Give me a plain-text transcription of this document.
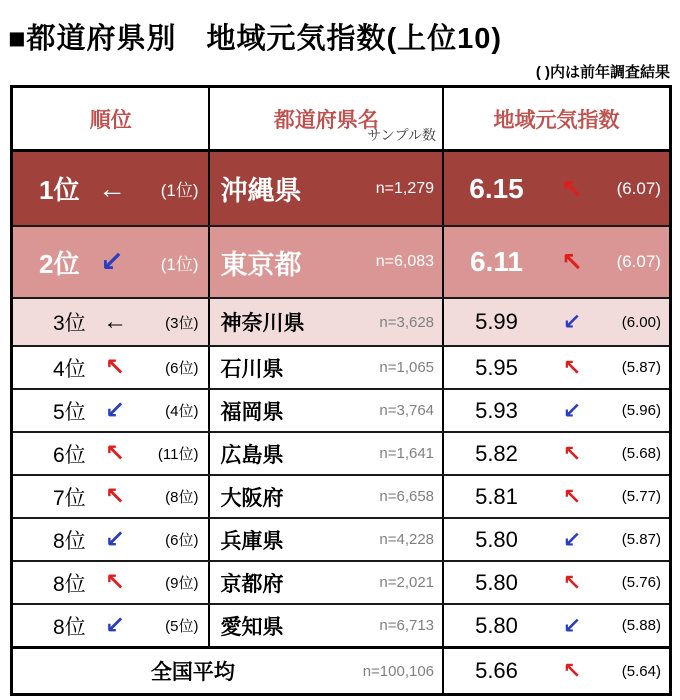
■都道府県別　地域元気指数(上位10)
( )内は前年調査結果
順位	都道府県名
サンプル数
地域元気指数
1位 ←	(1位) 沖縄県	n=1,279	6.15	↖	(6.07)
2位 ↙	(1位) 東京都	n=6,083	6.11	↖	(6.07)
3位 ←	(3位) 神奈川県	n=3,628	5.99	↙	(6.00)
4位 ↖	(6位) 石川県	n=1,065	5.95	↖	(5.87)
5位 ↙	(4位) 福岡県	n=3,764	5.93	↙	(5.96)
6位 ↖	(11位) 広島県	n=1,641	5.82	↖	(5.68)
7位 ↖	(8位) 大阪府	n=6,658	5.81	↖	(5.77)
8位 ↙	(6位) 兵庫県	n=4,228	5.80	↙	(5.87)
8位 ↖	(9位) 京都府	n=2,021	5.80	↖	(5.76)
8位 ↙	(5位) 愛知県	n=6,713	5.80	↙	(5.88)
全国平均	n=100,106	5.66	↖	(5.64)
